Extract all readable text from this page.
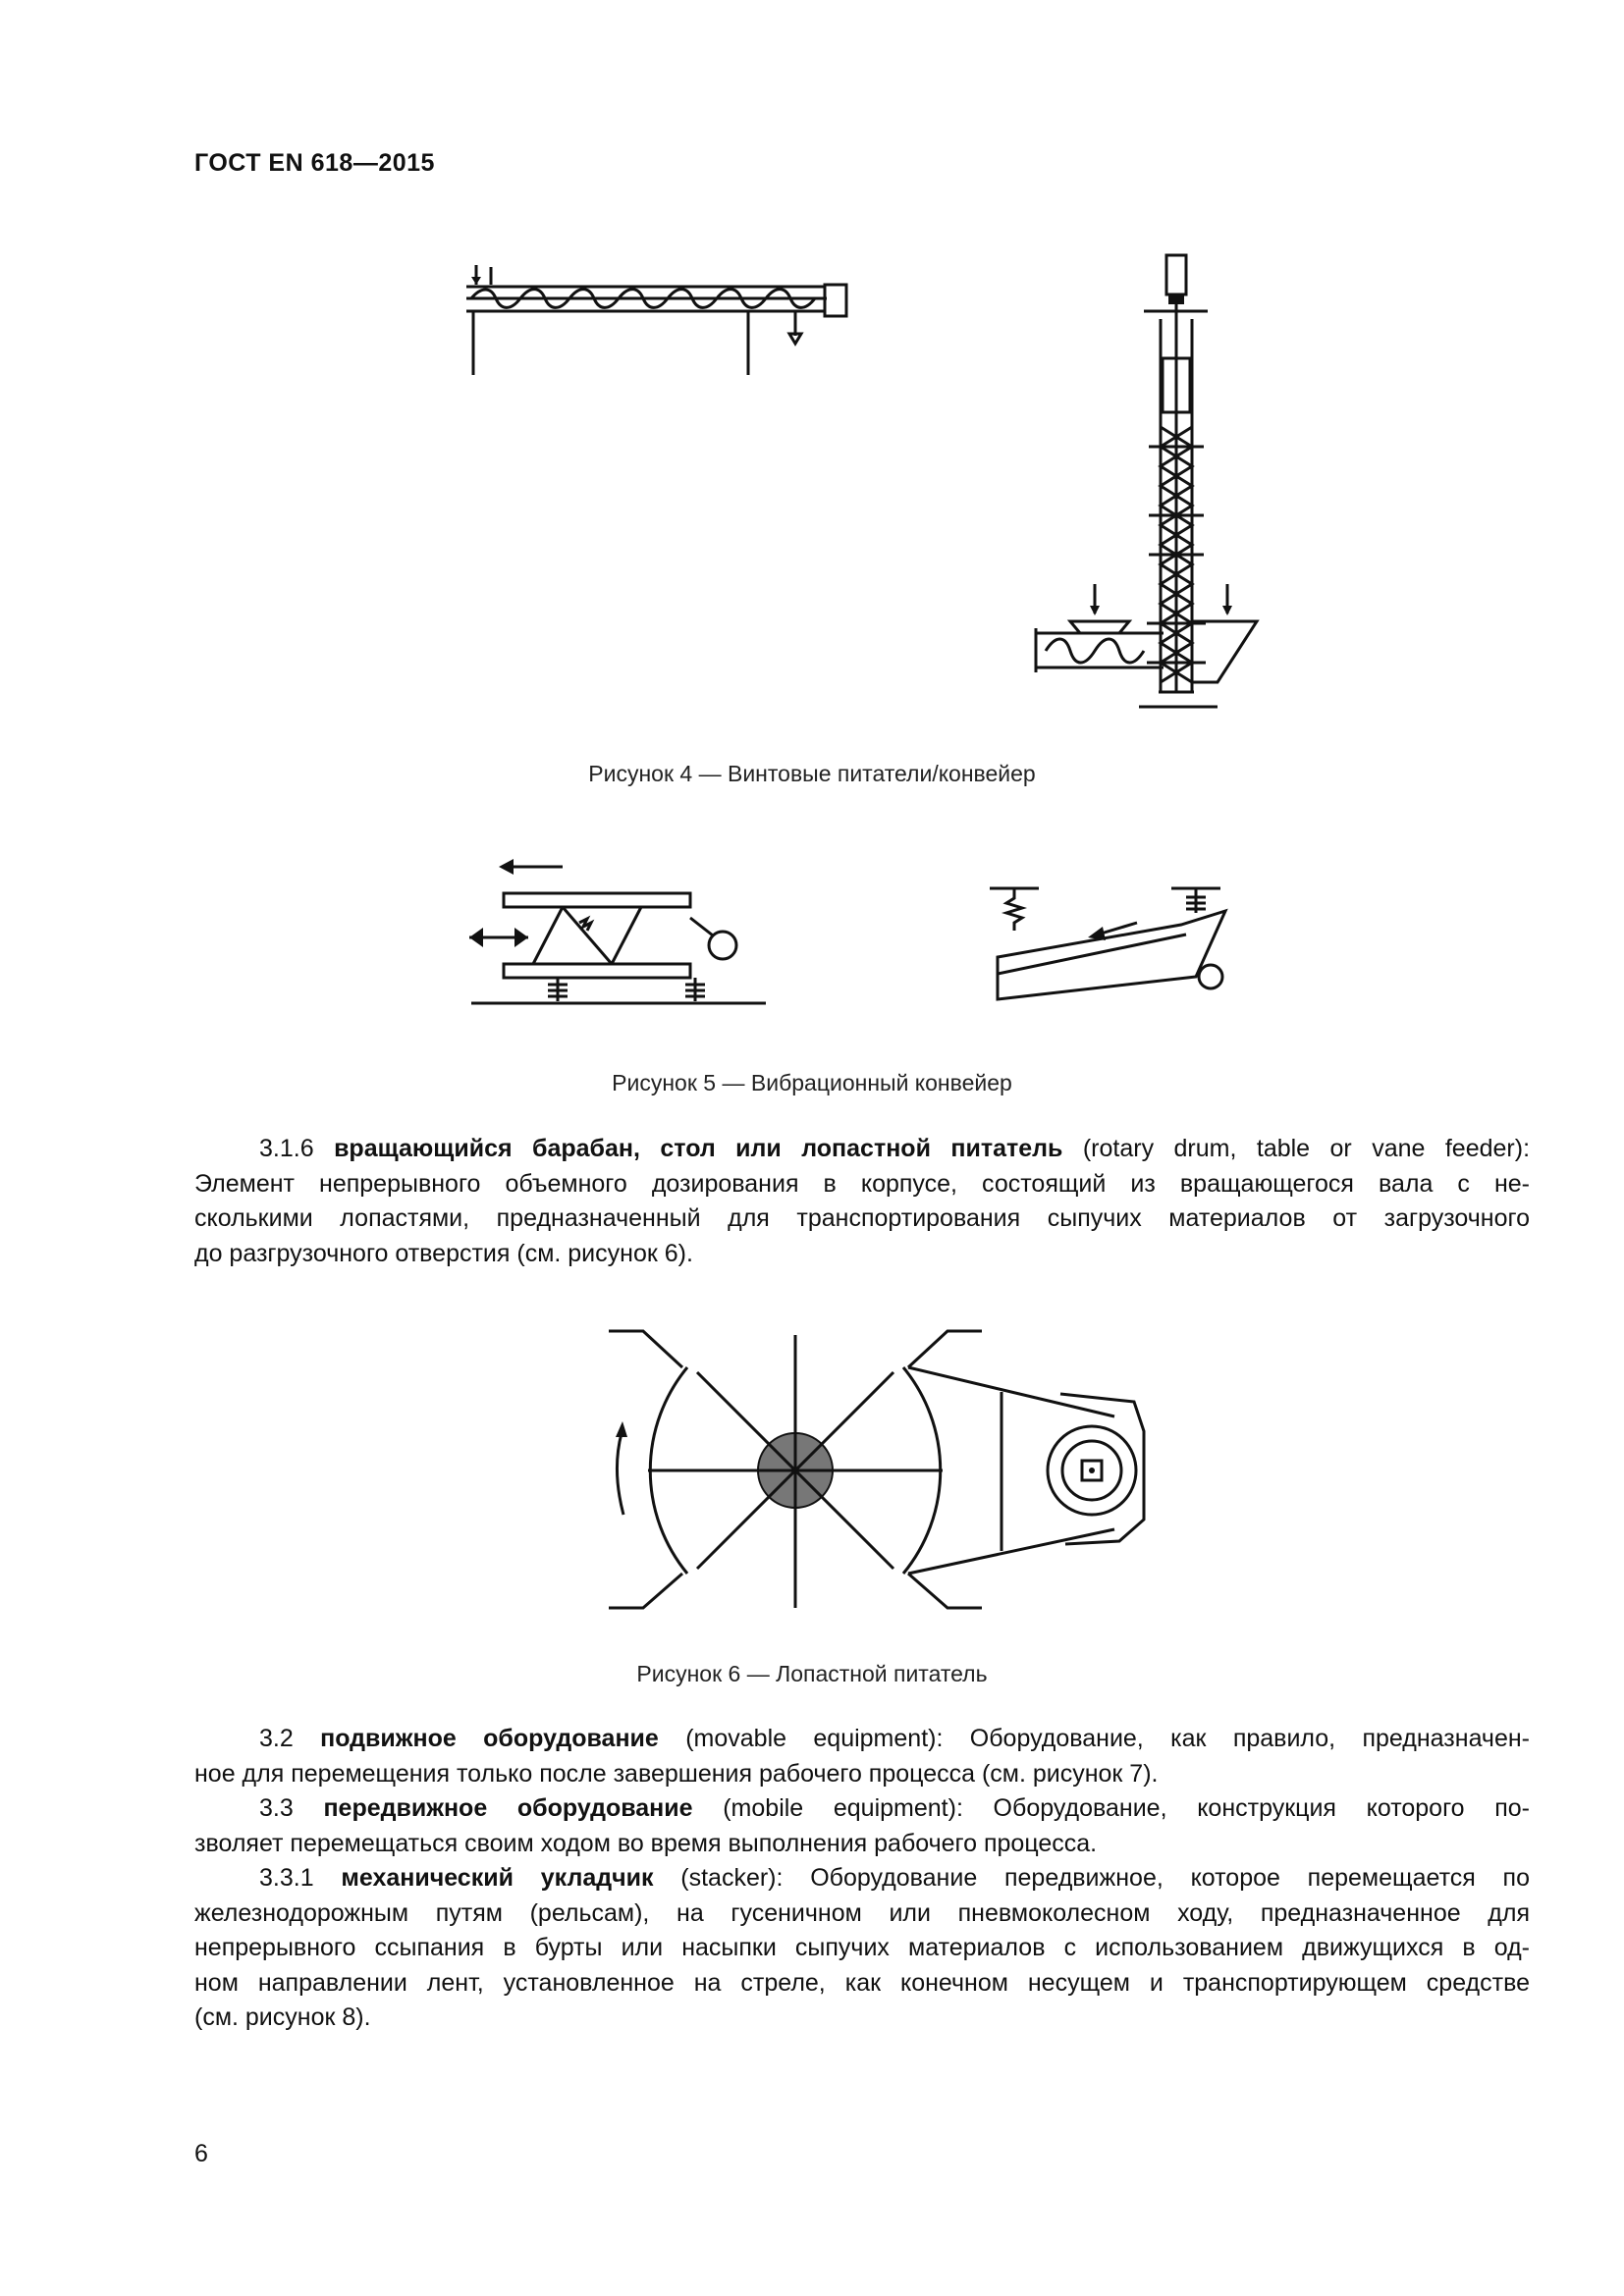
ГОСТ EN 618—2015
Рисунок 4 — Винтовые питатели/конвейер
Рисунок 5 — Вибрационный конвейер
3.1.6 вращающийся барабан, стол или лопастной питатель (rotary drum, table or vane feeder):
Элемент непрерывного объемного дозирования в корпусе, состоящий из вращающегося вала с не-
сколькими лопастями, предназначенный для транспортирования сыпучих материалов от загрузочного
до разгрузочного отверстия (см. рисунок 6).
Рисунок 6 — Лопастной питатель
3.2 подвижное оборудование (movable equipment): Оборудование, как правило, предназначен-
ное для перемещения только после завершения рабочего процесса (см. рисунок 7).
3.3 передвижное оборудование (mobile equipment): Оборудование, конструкция которого по-
зволяет перемещаться своим ходом во время выполнения рабочего процесса.
3.3.1 механический укладчик (stacker): Оборудование передвижное, которое перемещается по
железнодорожным путям (рельсам), на гусеничном или пневмоколесном ходу, предназначенное для
непрерывного ссыпания в бурты или насыпки сыпучих материалов с использованием движущихся в од-
ном направлении лент, установленное на стреле, как конечном несущем и транспортирующем средстве
(см. рисунок 8).
6
